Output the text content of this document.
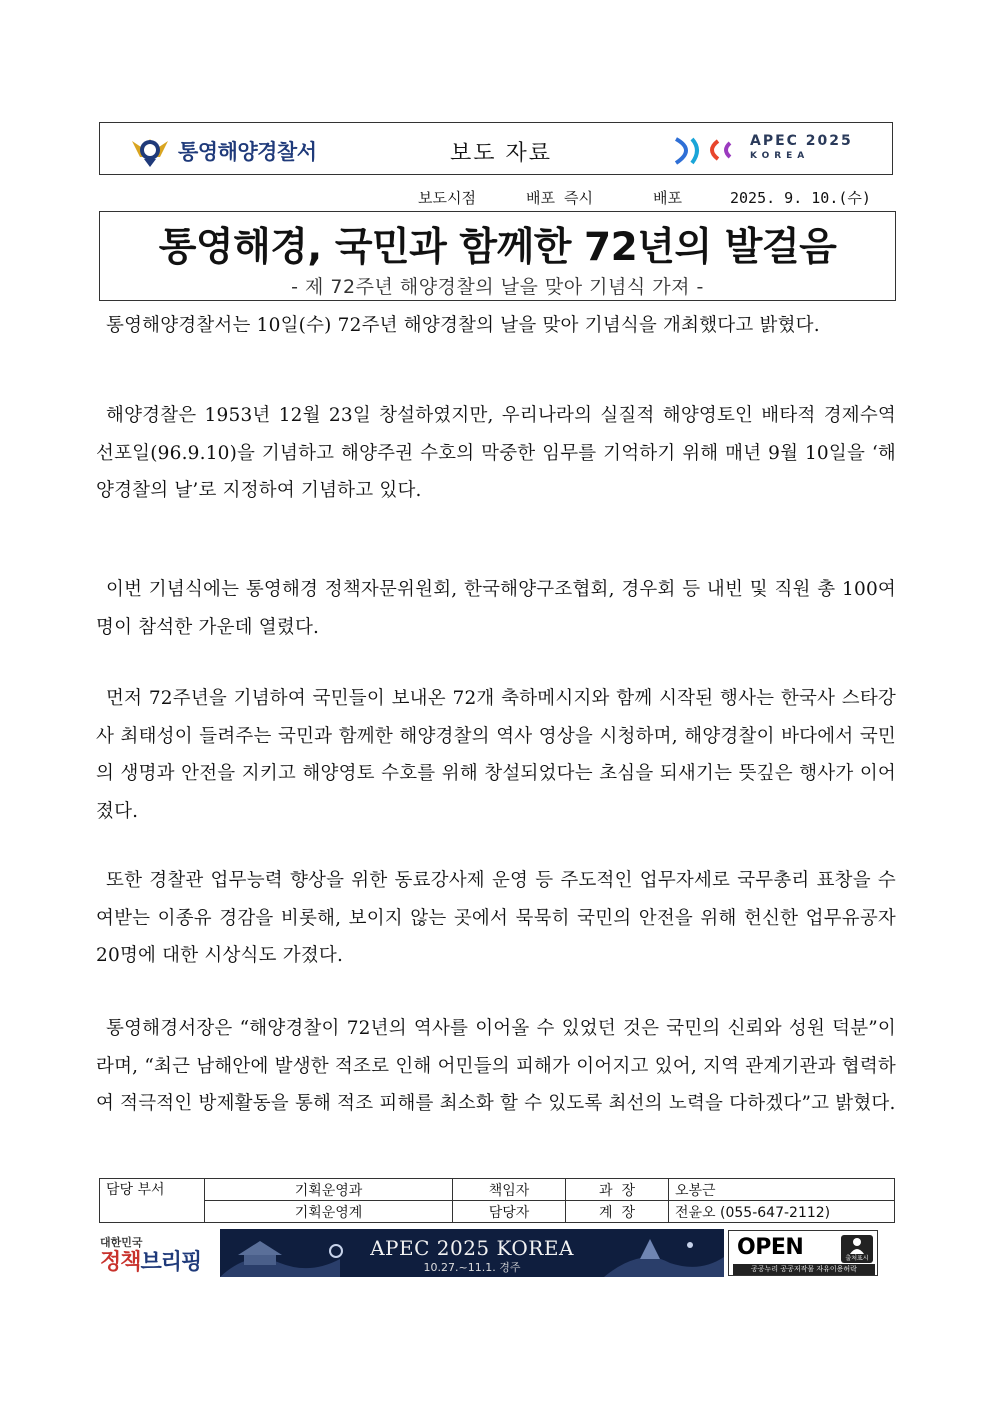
통영해양경찰서	보도 자료	APEC 2025
KOREA
보도시점	배포 즉시	배포	2025. 9. 10.(수)
통영해경, 국민과 함께한 72년의 발걸음
- 제 72주년 해양경찰의 날을 맞아 기념식 가져 -

통영해양경찰서는 10일(수) 72주년 해양경찰의 날을 맞아 기념식을 개최했다고 밝혔다.

해양경찰은 1953년 12월 23일 창설하였지만, 우리나라의 실질적 해양영토인 배타적 경제수역 선포일(96.9.10)을 기념하고 해양주권 수호의 막중한 임무를 기억하기 위해 매년 9월 10일을 ‘해양경찰의 날’로 지정하여 기념하고 있다.

이번 기념식에는 통영해경 정책자문위원회, 한국해양구조협회, 경우회 등 내빈 및 직원 총 100여명이 참석한 가운데 열렸다.

먼저 72주년을 기념하여 국민들이 보내온 72개 축하메시지와 함께 시작된 행사는 한국사 스타강사 최태성이 들려주는 국민과 함께한 해양경찰의 역사 영상을 시청하며, 해양경찰이 바다에서 국민의 생명과 안전을 지키고 해양영토 수호를 위해 창설되었다는 초심을 되새기는 뜻깊은 행사가 이어졌다.

또한 경찰관 업무능력 향상을 위한 동료강사제 운영 등 주도적인 업무자세로 국무총리 표창을 수여받는 이종유 경감을 비롯해, 보이지 않는 곳에서 묵묵히 국민의 안전을 위해 헌신한 업무유공자 20명에 대한 시상식도 가졌다.

통영해경서장은 “해양경찰이 72년의 역사를 이어올 수 있었던 것은 국민의 신뢰와 성원 덕분”이라며, “최근 남해안에 발생한 적조로 인해 어민들의 피해가 이어지고 있어, 지역 관계기관과 협력하여 적극적인 방제활동을 통해 적조 피해를 최소화 할 수 있도록 최선의 노력을 다하겠다”고 밝혔다.

담당 부서	기획운영과	책임자	과  장	오봉근
	기획운영계	담당자	계  장	전윤오 (055-647-2112)
대한민국
정책브리핑
APEC 2025 KOREA
10.27.~11.1. 경주
OPEN	출처표시
공공누리 공공저작물 자유이용허락
